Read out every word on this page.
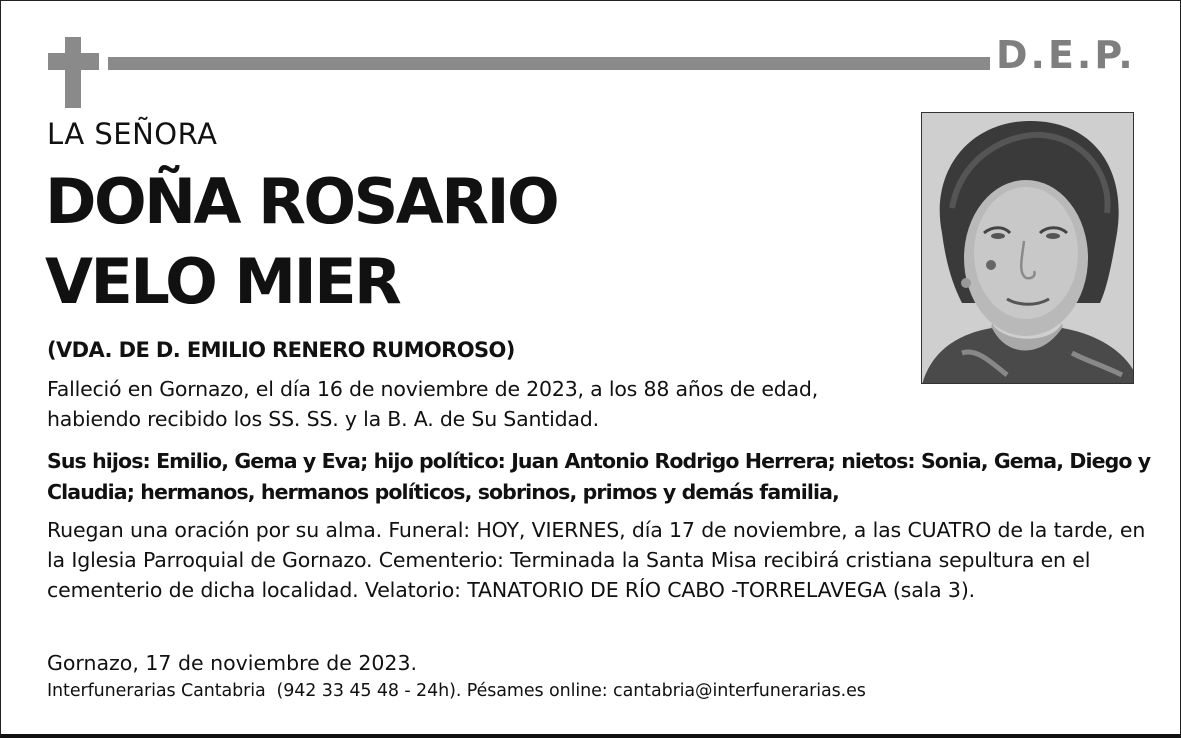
D.E.P.
LA SEÑORA
DOÑA ROSARIO
VELO MIER
(VDA. DE D. EMILIO RENERO RUMOROSO)
Falleció en Gornazo, el día 16 de noviembre de 2023, a los 88 años de edad, habiendo recibido los SS. SS. y la B. A. de Su Santidad.
Sus hijos: Emilio, Gema y Eva; hijo político: Juan Antonio Rodrigo Herrera; nietos: Sonia, Gema, Diego y Claudia; hermanos, hermanos políticos, sobrinos, primos y demás familia,
Ruegan una oración por su alma. Funeral: HOY, VIERNES, día 17 de noviembre, a las CUATRO de la tarde, en la Iglesia Parroquial de Gornazo. Cementerio: Terminada la Santa Misa recibirá cristiana sepultura en el cementerio de dicha localidad. Velatorio: TANATORIO DE RÍO CABO -TORRELAVEGA (sala 3).
Gornazo, 17 de noviembre de 2023.
Interfunerarias Cantabria  (942 33 45 48 - 24h). Pésames online: cantabria@interfunerarias.es
